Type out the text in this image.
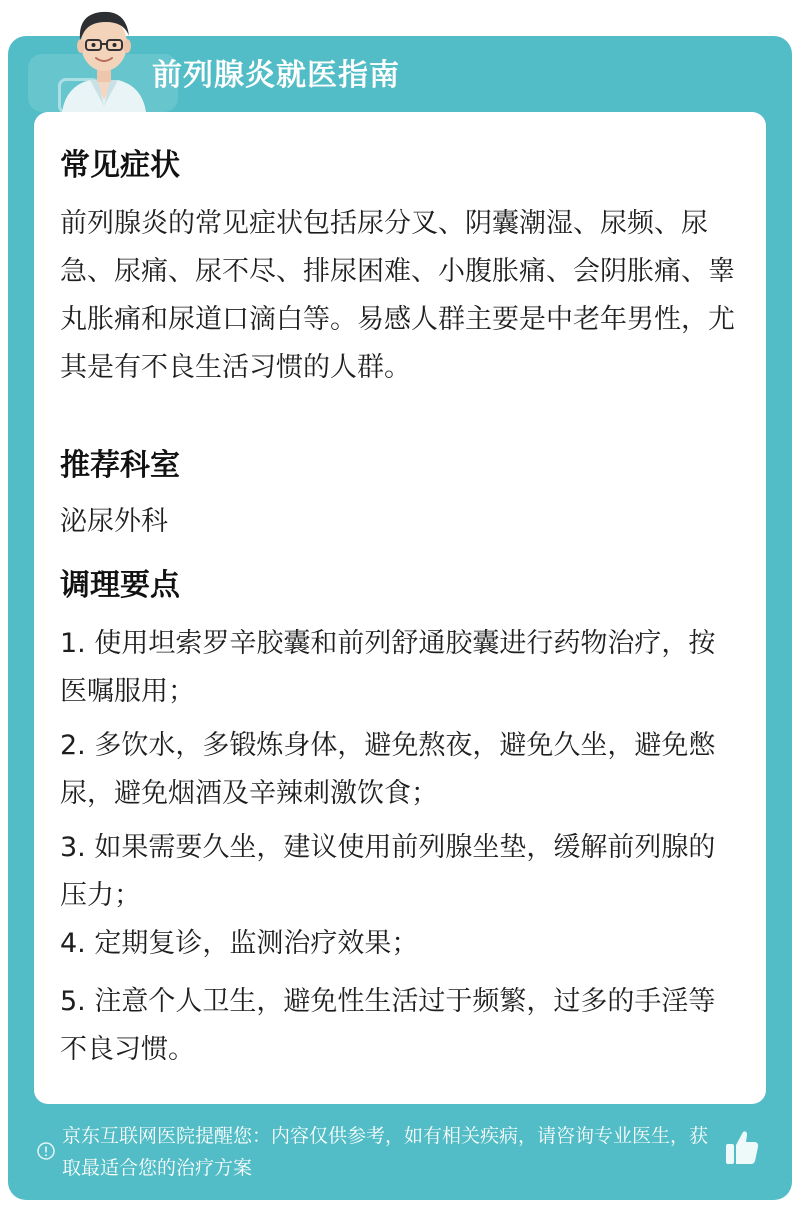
前列腺炎就医指南
常见症状
前列腺炎的常见症状包括尿分叉、阴囊潮湿、尿频、尿急、尿痛、尿不尽、排尿困难、小腹胀痛、会阴胀痛、睾丸胀痛和尿道口滴白等。易感人群主要是中老年男性，尤其是有不良生活习惯的人群。
推荐科室
泌尿外科
调理要点
1. 使用坦索罗辛胶囊和前列舒通胶囊进行药物治疗，按医嘱服用；
2. 多饮水，多锻炼身体，避免熬夜，避免久坐，避免憋尿，避免烟酒及辛辣刺激饮食；
3. 如果需要久坐，建议使用前列腺坐垫，缓解前列腺的压力；
4. 定期复诊，监测治疗效果；
5. 注意个人卫生，避免性生活过于频繁，过多的手淫等不良习惯。
京东互联网医院提醒您：内容仅供参考，如有相关疾病，请咨询专业医生，获取最适合您的治疗方案
